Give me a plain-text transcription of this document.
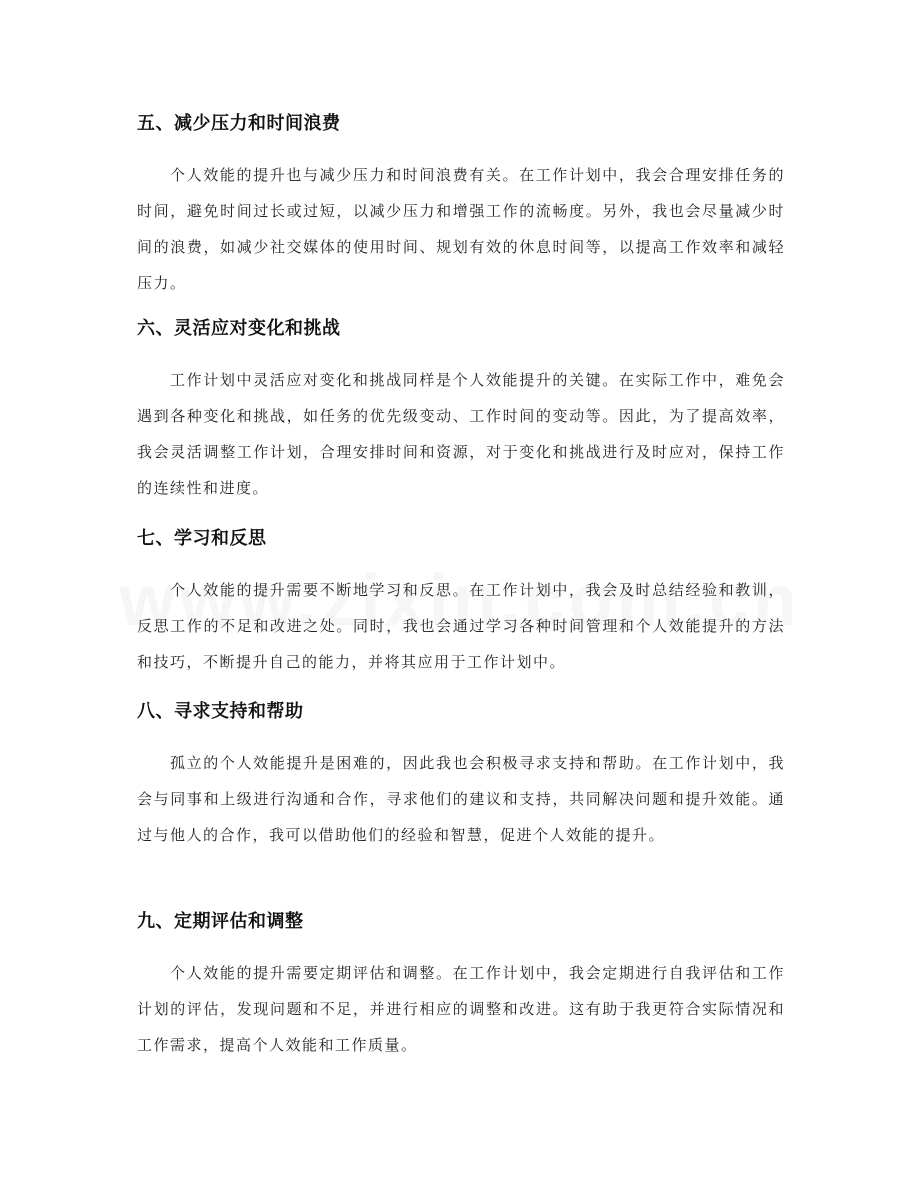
五、减少压力和时间浪费

个人效能的提升也与减少压力和时间浪费有关。在工作计划中，我会合理安排任务的时间，避免时间过长或过短，以减少压力和增强工作的流畅度。另外，我也会尽量减少时间的浪费，如减少社交媒体的使用时间、规划有效的休息时间等，以提高工作效率和减轻压力。

六、灵活应对变化和挑战

工作计划中灵活应对变化和挑战同样是个人效能提升的关键。在实际工作中，难免会遇到各种变化和挑战，如任务的优先级变动、工作时间的变动等。因此，为了提高效率，我会灵活调整工作计划，合理安排时间和资源，对于变化和挑战进行及时应对，保持工作的连续性和进度。

七、学习和反思

个人效能的提升需要不断地学习和反思。在工作计划中，我会及时总结经验和教训，反思工作的不足和改进之处。同时，我也会通过学习各种时间管理和个人效能提升的方法和技巧，不断提升自己的能力，并将其应用于工作计划中。

八、寻求支持和帮助

孤立的个人效能提升是困难的，因此我也会积极寻求支持和帮助。在工作计划中，我会与同事和上级进行沟通和合作，寻求他们的建议和支持，共同解决问题和提升效能。通过与他人的合作，我可以借助他们的经验和智慧，促进个人效能的提升。

九、定期评估和调整

个人效能的提升需要定期评估和调整。在工作计划中，我会定期进行自我评估和工作计划的评估，发现问题和不足，并进行相应的调整和改进。这有助于我更符合实际情况和工作需求，提高个人效能和工作质量。
